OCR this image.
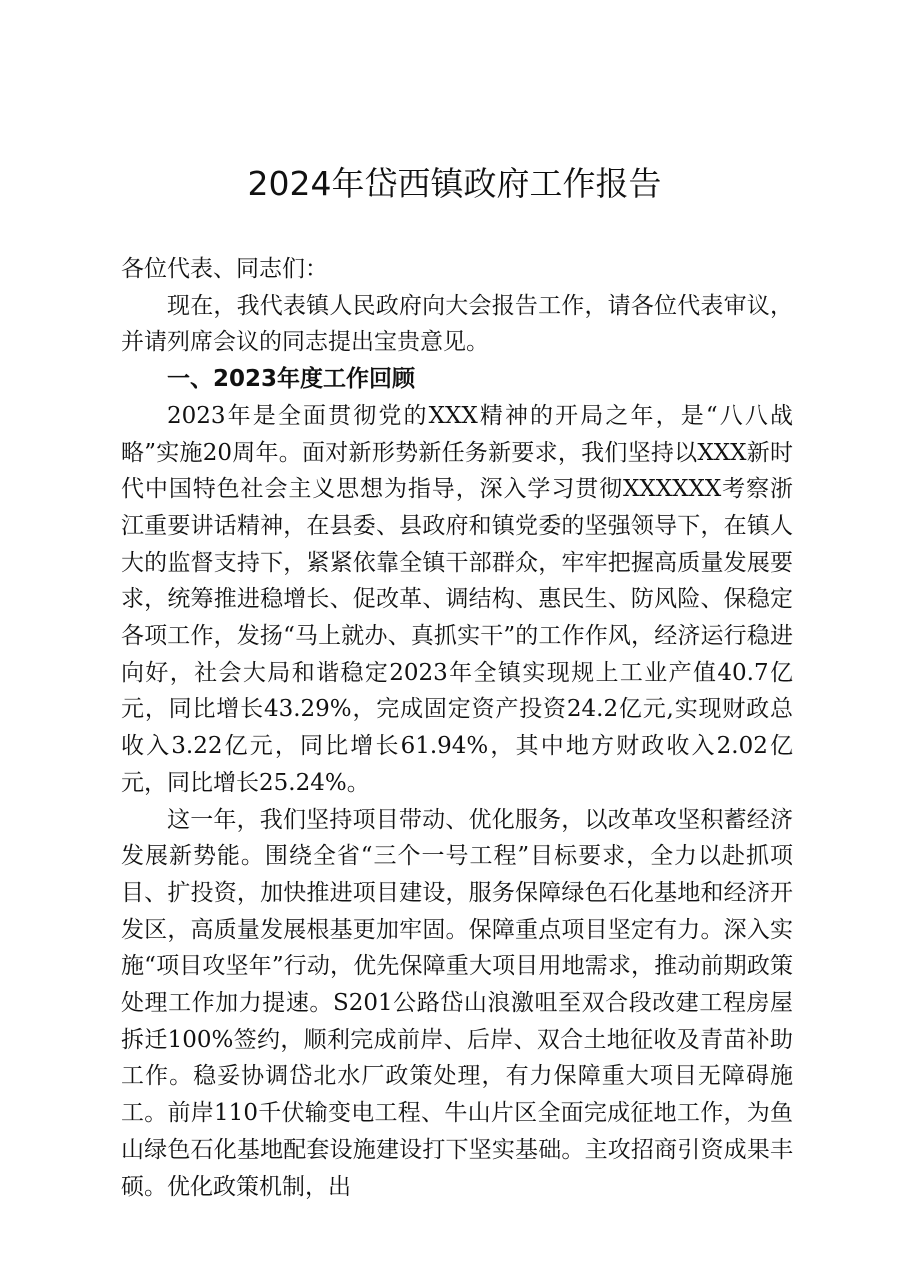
2024年岱西镇政府工作报告

各位代表、同志们：

现在，我代表镇人民政府向大会报告工作，请各位代表审议，并请列席会议的同志提出宝贵意见。

一、2023年度工作回顾

2023年是全面贯彻党的XXX精神的开局之年，是“八八战略”实施20周年。面对新形势新任务新要求，我们坚持以XXX新时代中国特色社会主义思想为指导，深入学习贯彻XXXXXX考察浙江重要讲话精神，在县委、县政府和镇党委的坚强领导下，在镇人大的监督支持下，紧紧依靠全镇干部群众，牢牢把握高质量发展要求，统筹推进稳增长、促改革、调结构、惠民生、防风险、保稳定各项工作，发扬“马上就办、真抓实干”的工作作风，经济运行稳进向好，社会大局和谐稳定2023年全镇实现规上工业产值40.7亿元，同比增长43.29%，完成固定资产投资24.2亿元,实现财政总收入3.22亿元，同比增长61.94%，其中地方财政收入2.02亿元，同比增长25.24%。

这一年，我们坚持项目带动、优化服务，以改革攻坚积蓄经济发展新势能。围绕全省“三个一号工程”目标要求，全力以赴抓项目、扩投资，加快推进项目建设，服务保障绿色石化基地和经济开发区，高质量发展根基更加牢固。保障重点项目坚定有力。深入实施“项目攻坚年”行动，优先保障重大项目用地需求，推动前期政策处理工作加力提速。S201公路岱山浪激咀至双合段改建工程房屋拆迁100%签约，顺利完成前岸、后岸、双合土地征收及青苗补助工作。稳妥协调岱北水厂政策处理，有力保障重大项目无障碍施工。前岸110千伏输变电工程、牛山片区全面完成征地工作，为鱼山绿色石化基地配套设施建设打下坚实基础。主攻招商引资成果丰硕。优化政策机制，出
